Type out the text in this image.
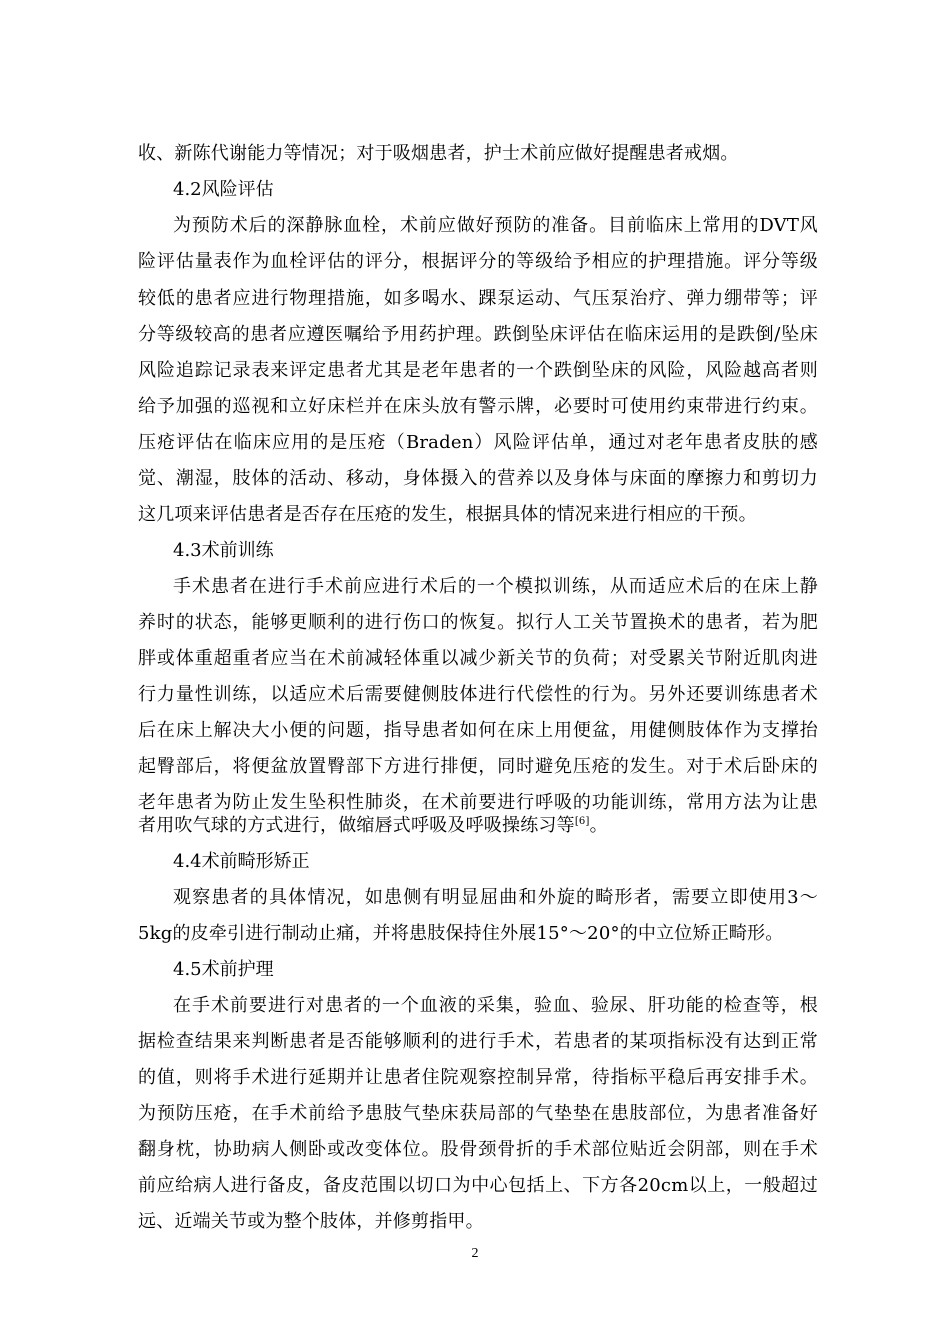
收、新陈代谢能力等情况；对于吸烟患者，护士术前应做好提醒患者戒烟。
4.2风险评估
为预防术后的深静脉血栓，术前应做好预防的准备。目前临床上常用的DVT风
险评估量表作为血栓评估的评分，根据评分的等级给予相应的护理措施。评分等级
较低的患者应进行物理措施，如多喝水、踝泵运动、气压泵治疗、弹力绷带等；评
分等级较高的患者应遵医嘱给予用药护理。跌倒坠床评估在临床运用的是跌倒/坠床
风险追踪记录表来评定患者尤其是老年患者的一个跌倒坠床的风险，风险越高者则
给予加强的巡视和立好床栏并在床头放有警示牌，必要时可使用约束带进行约束。
压疮评估在临床应用的是压疮（Braden）风险评估单，通过对老年患者皮肤的感
觉、潮湿，肢体的活动、移动，身体摄入的营养以及身体与床面的摩擦力和剪切力
这几项来评估患者是否存在压疮的发生，根据具体的情况来进行相应的干预。
4.3术前训练
手术患者在进行手术前应进行术后的一个模拟训练，从而适应术后的在床上静
养时的状态，能够更顺利的进行伤口的恢复。拟行人工关节置换术的患者，若为肥
胖或体重超重者应当在术前减轻体重以减少新关节的负荷；对受累关节附近肌肉进
行力量性训练，以适应术后需要健侧肢体进行代偿性的行为。另外还要训练患者术
后在床上解决大小便的问题，指导患者如何在床上用便盆，用健侧肢体作为支撑抬
起臀部后，将便盆放置臀部下方进行排便，同时避免压疮的发生。对于术后卧床的
老年患者为防止发生坠积性肺炎，在术前要进行呼吸的功能训练，常用方法为让患
者用吹气球的方式进行，做缩唇式呼吸及呼吸操练习等[6]。
4.4术前畸形矫正
观察患者的具体情况，如患侧有明显屈曲和外旋的畸形者，需要立即使用3～
5kg的皮牵引进行制动止痛，并将患肢保持住外展15°～20°的中立位矫正畸形。
4.5术前护理
在手术前要进行对患者的一个血液的采集，验血、验尿、肝功能的检查等，根
据检查结果来判断患者是否能够顺利的进行手术，若患者的某项指标没有达到正常
的值，则将手术进行延期并让患者住院观察控制异常，待指标平稳后再安排手术。
为预防压疮，在手术前给予患肢气垫床获局部的气垫垫在患肢部位，为患者准备好
翻身枕，协助病人侧卧或改变体位。股骨颈骨折的手术部位贴近会阴部，则在手术
前应给病人进行备皮，备皮范围以切口为中心包括上、下方各20cm以上，一般超过
远、近端关节或为整个肢体，并修剪指甲。
2
